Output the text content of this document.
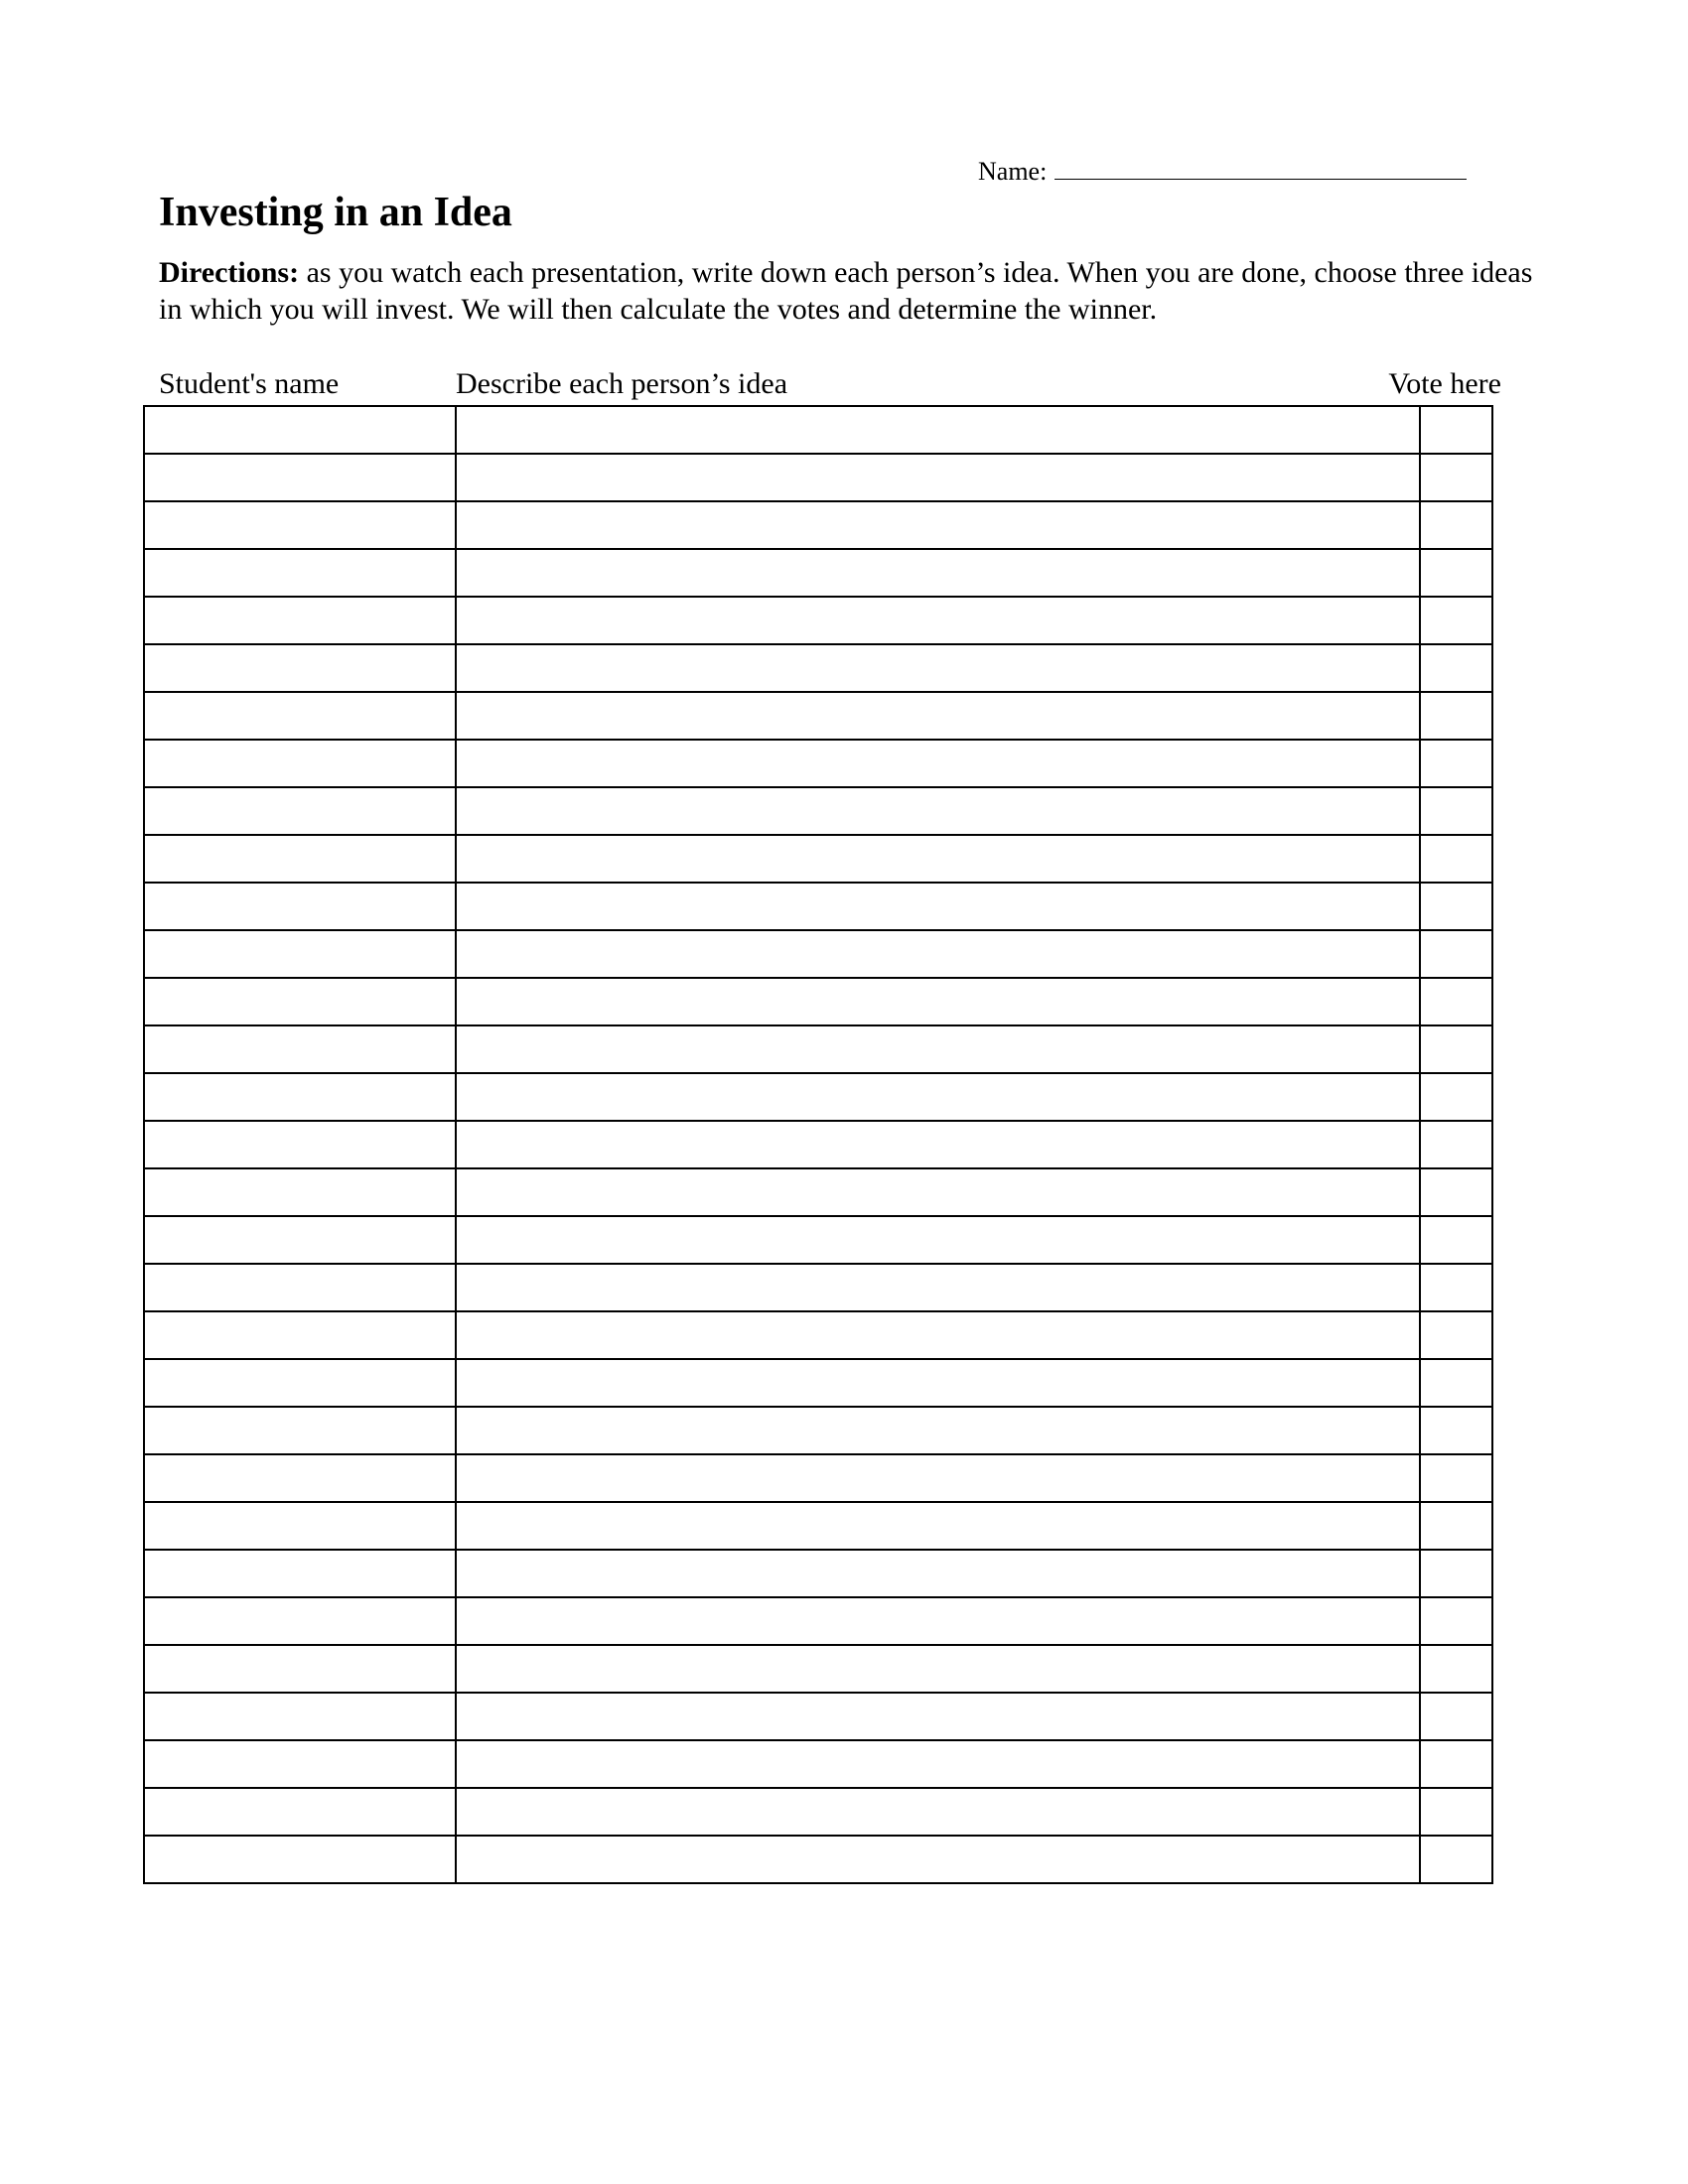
Name:
Investing in an Idea
Directions: as you watch each presentation, write down each person’s idea. When you are done, choose three ideas in which you will invest. We will then calculate the votes and determine the winner.
Student's name	Describe each person’s idea	Vote here
